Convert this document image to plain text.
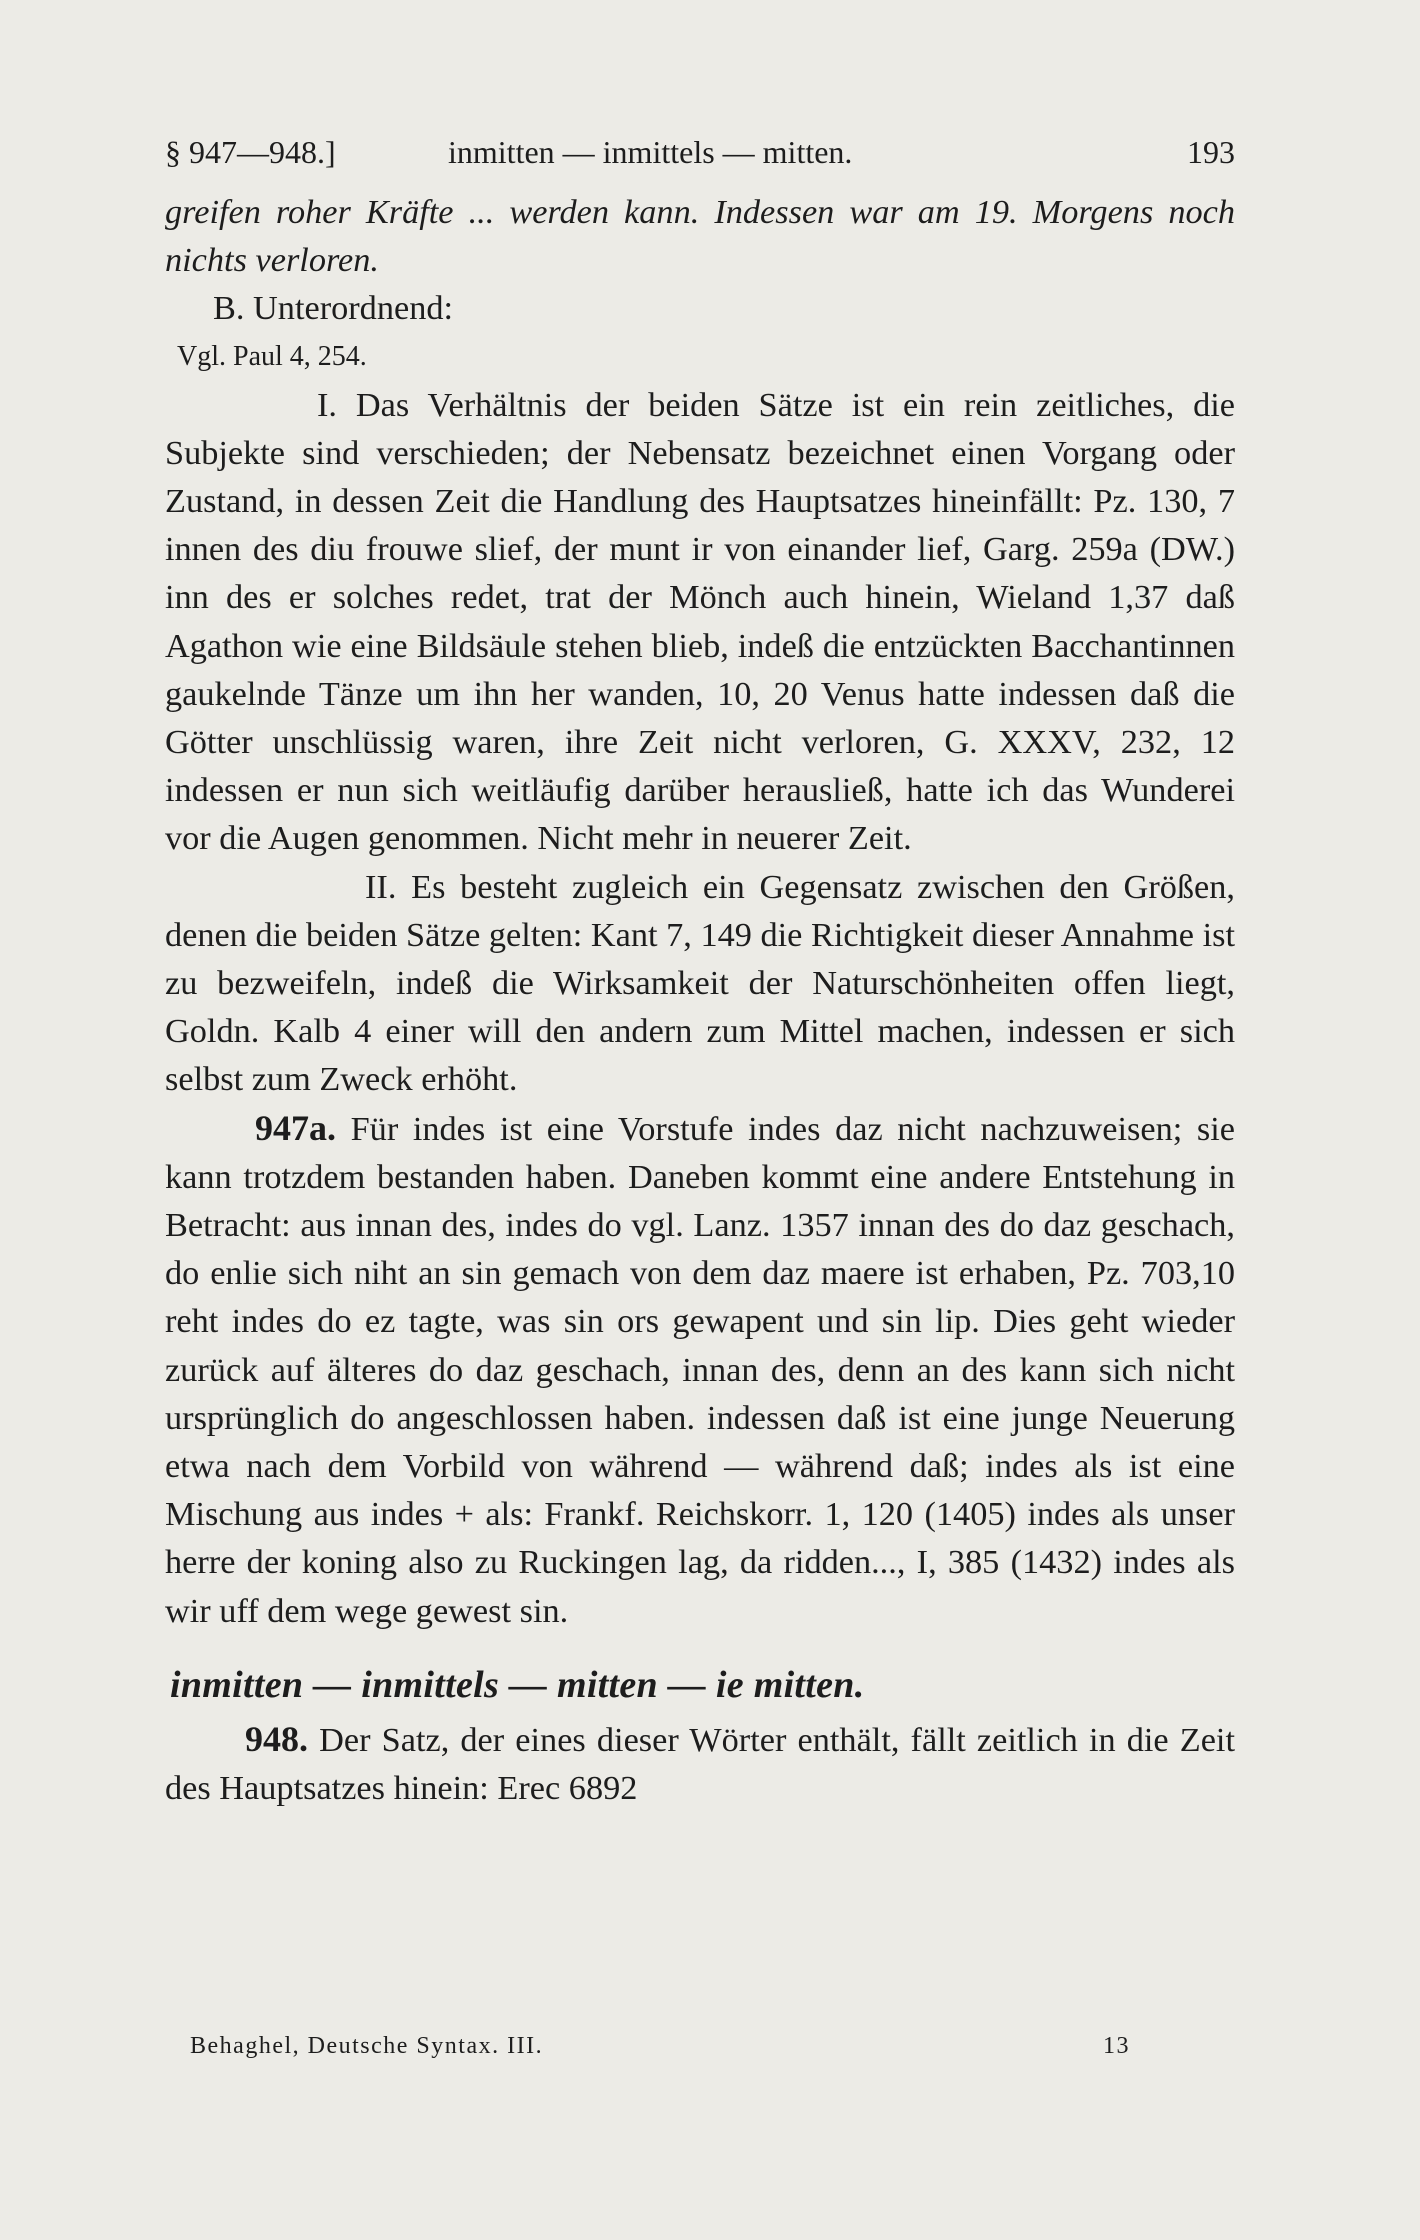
§ 947—948.]	inmitten — inmittels — mitten.	193

greifen roher Kräfte ... werden kann. Indessen war am 19. Morgens noch nichts verloren.

B. Unterordnend:

Vgl. Paul 4, 254.

I. Das Verhältnis der beiden Sätze ist ein rein zeitliches, die Subjekte sind verschieden; der Nebensatz bezeichnet einen Vorgang oder Zustand, in dessen Zeit die Handlung des Hauptsatzes hineinfällt: Pz. 130, 7 innen des diu frouwe slief, der munt ir von einander lief, Garg. 259a (DW.) inn des er solches redet, trat der Mönch auch hinein, Wieland 1,37 daß Agathon wie eine Bildsäule stehen blieb, indeß die entzückten Bacchantinnen gaukelnde Tänze um ihn her wanden, 10, 20 Venus hatte indessen daß die Götter unschlüssig waren, ihre Zeit nicht verloren, G. XXXV, 232, 12 indessen er nun sich weitläufig darüber herausließ, hatte ich das Wunderei vor die Augen genommen. Nicht mehr in neuerer Zeit.

II. Es besteht zugleich ein Gegensatz zwischen den Größen, denen die beiden Sätze gelten: Kant 7, 149 die Richtigkeit dieser Annahme ist zu bezweifeln, indeß die Wirksamkeit der Naturschönheiten offen liegt, Goldn. Kalb 4 einer will den andern zum Mittel machen, indessen er sich selbst zum Zweck erhöht.

947a. Für indes ist eine Vorstufe indes daz nicht nachzuweisen; sie kann trotzdem bestanden haben. Daneben kommt eine andere Entstehung in Betracht: aus innan des, indes do vgl. Lanz. 1357 innan des do daz geschach, do enlie sich niht an sin gemach von dem daz maere ist erhaben, Pz. 703,10 reht indes do ez tagte, was sin ors gewapent und sin lip. Dies geht wieder zurück auf älteres do daz geschach, innan des, denn an des kann sich nicht ursprünglich do angeschlossen haben. indessen daß ist eine junge Neuerung etwa nach dem Vorbild von während — während daß; indes als ist eine Mischung aus indes + als: Frankf. Reichskorr. 1, 120 (1405) indes als unser herre der koning also zu Ruckingen lag, da ridden..., I, 385 (1432) indes als wir uff dem wege gewest sin.

inmitten — inmittels — mitten — ie mitten.

948. Der Satz, der eines dieser Wörter enthält, fällt zeitlich in die Zeit des Hauptsatzes hinein: Erec 6892

Behaghel, Deutsche Syntax. III.	13
